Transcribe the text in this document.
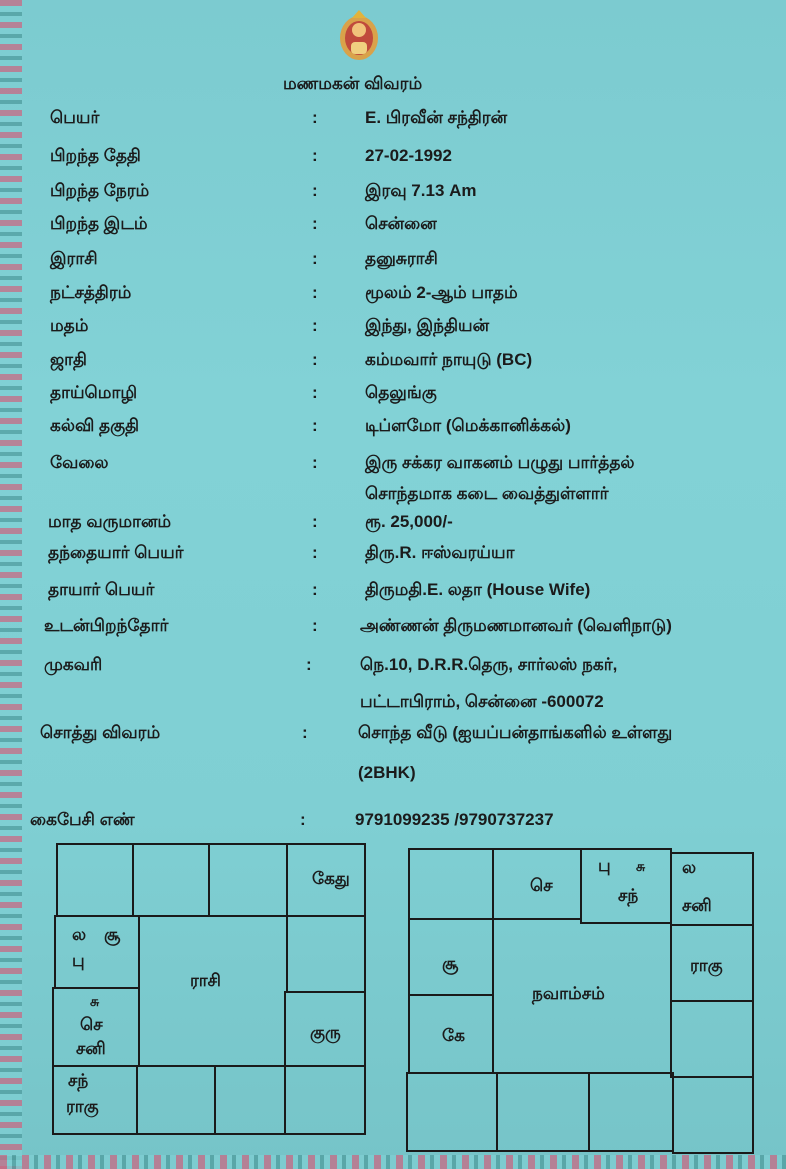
மணமகன் விவரம்
பெயர்	:	E. பிரவீன் சந்திரன்
பிறந்த தேதி	:	27-02-1992
பிறந்த நேரம்	:	இரவு 7.13 Am
பிறந்த இடம்	:	சென்னை
இராசி	:	தனுசுராசி
நட்சத்திரம்	:	மூலம் 2-ஆம் பாதம்
மதம்	:	இந்து, இந்தியன்
ஜாதி	:	கம்மவார் நாயுடு (BC)
தாய்மொழி	:	தெலுங்கு
கல்வி தகுதி	:	டிப்ளமோ (மெக்கானிக்கல்)
வேலை	:	இரு சக்கர வாகனம் பழுது பார்த்தல்
சொந்தமாக கடை வைத்துள்ளார்
மாத வருமானம்	:	ரூ. 25,000/-
தந்தையார் பெயர்	:	திரு.R. ஈஸ்வரய்யா
தாயார் பெயர்	:	திருமதி.E. லதா (House Wife)
உடன்பிறந்தோர்	: அண்ணன் திருமணமானவர் (வெளிநாடு)
முகவரி	:	நெ.10, D.R.R.தெரு, சார்லஸ் நகர்,
பட்டாபிராம், சென்னை -600072
சொத்து விவரம்	:	சொந்த வீடு (ஐயப்பன்தாங்களில் உள்ளது
(2BHK)
கைபேசி எண்	:	9791099235 /9790737237
கேது
ல சூ
பு
சு
செ
சனி
ராசி
குரு
சந்
ராகு
செ
பு சு
சந்
ல
சனி
சூ
கே
நவாம்சம்
ராகு
